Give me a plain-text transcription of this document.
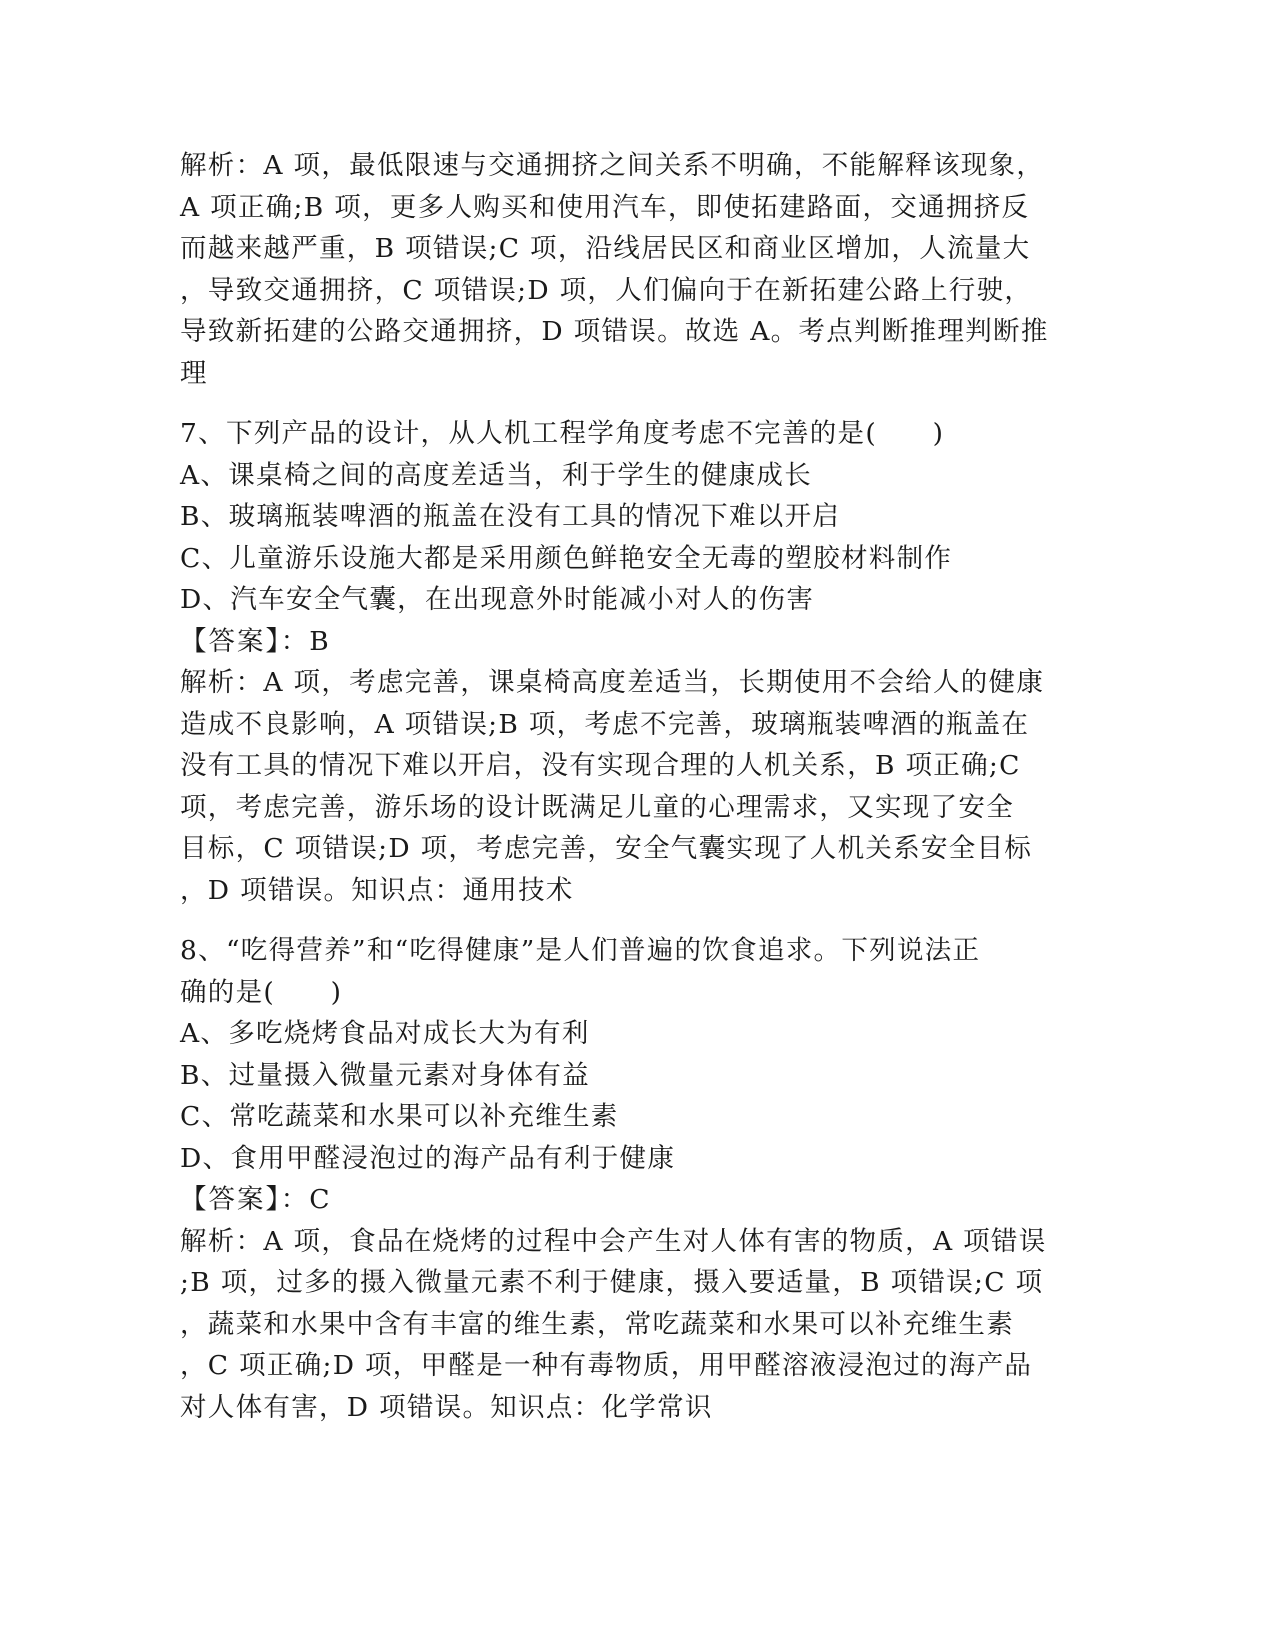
解析：A 项，最低限速与交通拥挤之间关系不明确，不能解释该现象，
A 项正确;B 项，更多人购买和使用汽车，即使拓建路面，交通拥挤反
而越来越严重，B 项错误;C 项，沿线居民区和商业区增加，人流量大
，导致交通拥挤，C 项错误;D 项，人们偏向于在新拓建公路上行驶，
导致新拓建的公路交通拥挤，D 项错误。故选 A。考点判断推理判断推
理
7、下列产品的设计，从人机工程学角度考虑不完善的是(　　)
A、课桌椅之间的高度差适当，利于学生的健康成长
B、玻璃瓶装啤酒的瓶盖在没有工具的情况下难以开启
C、儿童游乐设施大都是采用颜色鲜艳安全无毒的塑胶材料制作
D、汽车安全气囊，在出现意外时能减小对人的伤害
【答案】：B
解析：A 项，考虑完善，课桌椅高度差适当，长期使用不会给人的健康
造成不良影响，A 项错误;B 项，考虑不完善，玻璃瓶装啤酒的瓶盖在
没有工具的情况下难以开启，没有实现合理的人机关系，B 项正确;C
项，考虑完善，游乐场的设计既满足儿童的心理需求，又实现了安全
目标，C 项错误;D 项，考虑完善，安全气囊实现了人机关系安全目标
，D 项错误。知识点：通用技术
8、“吃得营养”和“吃得健康”是人们普遍的饮食追求。下列说法正
确的是(　　)
A、多吃烧烤食品对成长大为有利
B、过量摄入微量元素对身体有益
C、常吃蔬菜和水果可以补充维生素
D、食用甲醛浸泡过的海产品有利于健康
【答案】：C
解析：A 项，食品在烧烤的过程中会产生对人体有害的物质，A 项错误
;B 项，过多的摄入微量元素不利于健康，摄入要适量，B 项错误;C 项
，蔬菜和水果中含有丰富的维生素，常吃蔬菜和水果可以补充维生素
，C 项正确;D 项，甲醛是一种有毒物质，用甲醛溶液浸泡过的海产品
对人体有害，D 项错误。知识点：化学常识
